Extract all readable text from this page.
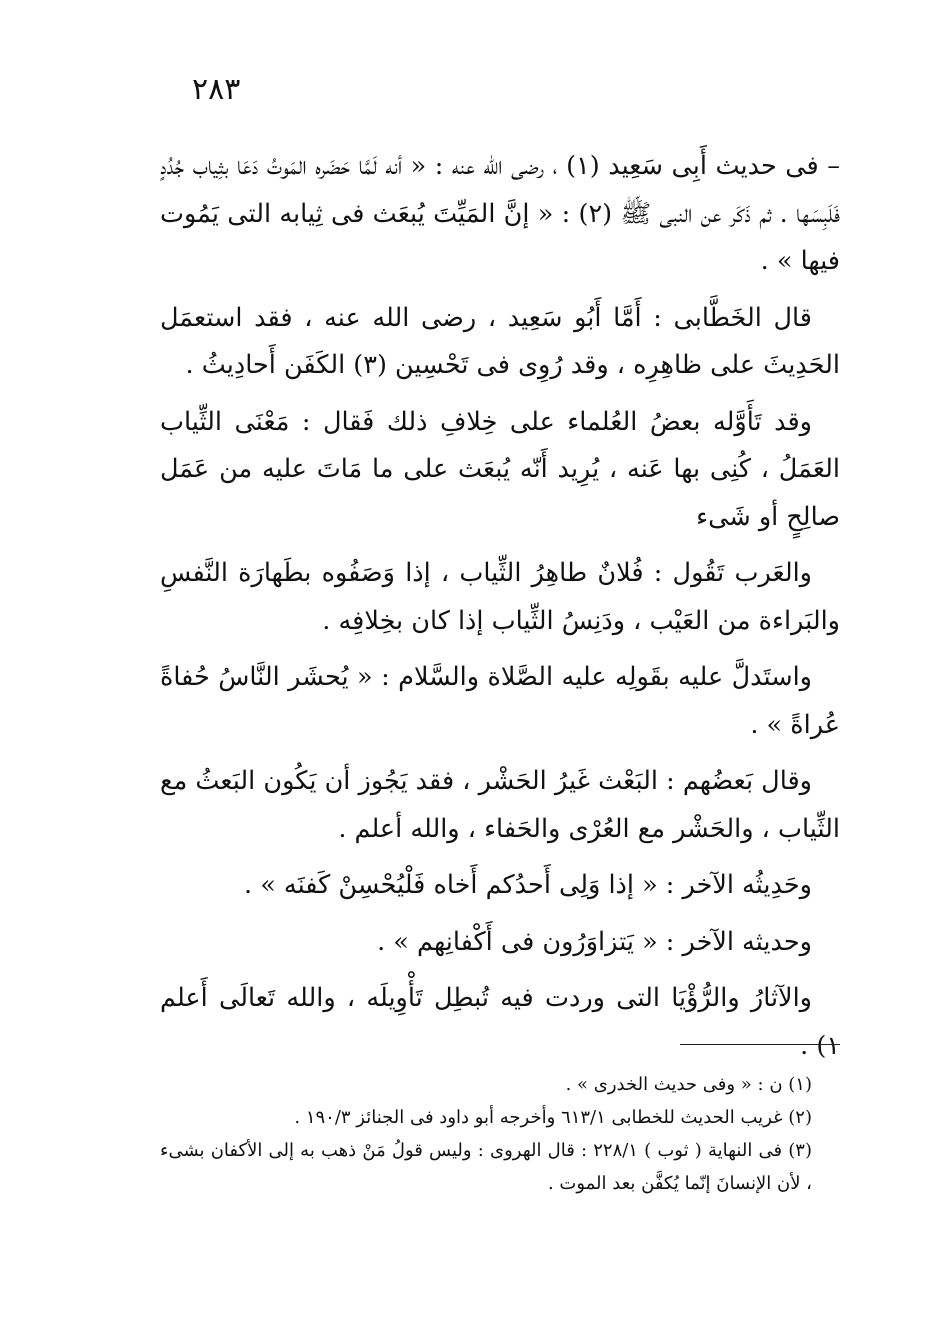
٢٨٣

– فى حديث أَبِى سَعِيد (١) ، رضى الله عنه : « أنه لَمَّا حَضَره المَوتُ دَعَا بثِياب جُدُدٍ فَلَبِسَها . ثم ذَكَر عن النبى ﷺ (٢) : « إنَّ المَيِّتَ يُبعَث فى ثِيابه التى يَمُوت فيها » .

قال الخَطَّابى : أَمَّا أَبُو سَعِيد ، رضى الله عنه ، فقد استعمَل الحَدِيثَ على ظاهِرِه ، وقد رُوِى فى تَحْسِين (٣) الكَفَن أَحادِيثُ .

وقد تَأَوَّله بعضُ العُلماء على خِلافِ ذلك فَقال : مَعْنَى الثِّياب العَمَلُ ، كُنِى بها عَنه ، يُرِيد أَنّه يُبعَث على ما مَاتَ عليه من عَمَل صالِحٍ أو شَىء

والعَرب تَقُول : فُلانٌ طاهِرُ الثِّياب ، إذا وَصَفُوه بطَهارَة النَّفسِ والبَراءة من العَيْب ، ودَنِسُ الثِّياب إذا كان بخِلافِه .

واستَدلَّ عليه بقَولِه عليه الصَّلاة والسَّلام : « يُحشَر النَّاسُ حُفاةً عُراةً » .

وقال بَعضُهم : البَعْث غَيرُ الحَشْر ، فقد يَجُوز أن يَكُون البَعثُ مع الثِّياب ، والحَشْر مع العُرْى والحَفاء ، والله أعلم .

وحَدِيثُه الآخر : « إذا وَلِى أَحدُكم أَخاه فَلْيُحْسِنْ كَفنَه » .

وحديثه الآخر : « يَتزاوَرُون فى أَكْفانِهم » .

والآثارُ والرُّؤْيَا التى وردت فيه تُبطِل تَأْوِيلَه ، والله تَعالَى أَعلم ١) .

(١) ن : « وفى حديث الخدرى » .

(٢) غريب الحديث للخطابى ٦١٣/١ وأخرجه أبو داود فى الجنائز ١٩٠/٣ .

(٣) فى النهاية ( ثوب ) ٢٢٨/١ : قال الهروى : وليس قولُ مَنْ ذهب به إلى الأكفان بشىء ، لأن الإنسانَ إنّما يُكفَّن بعد الموت .
